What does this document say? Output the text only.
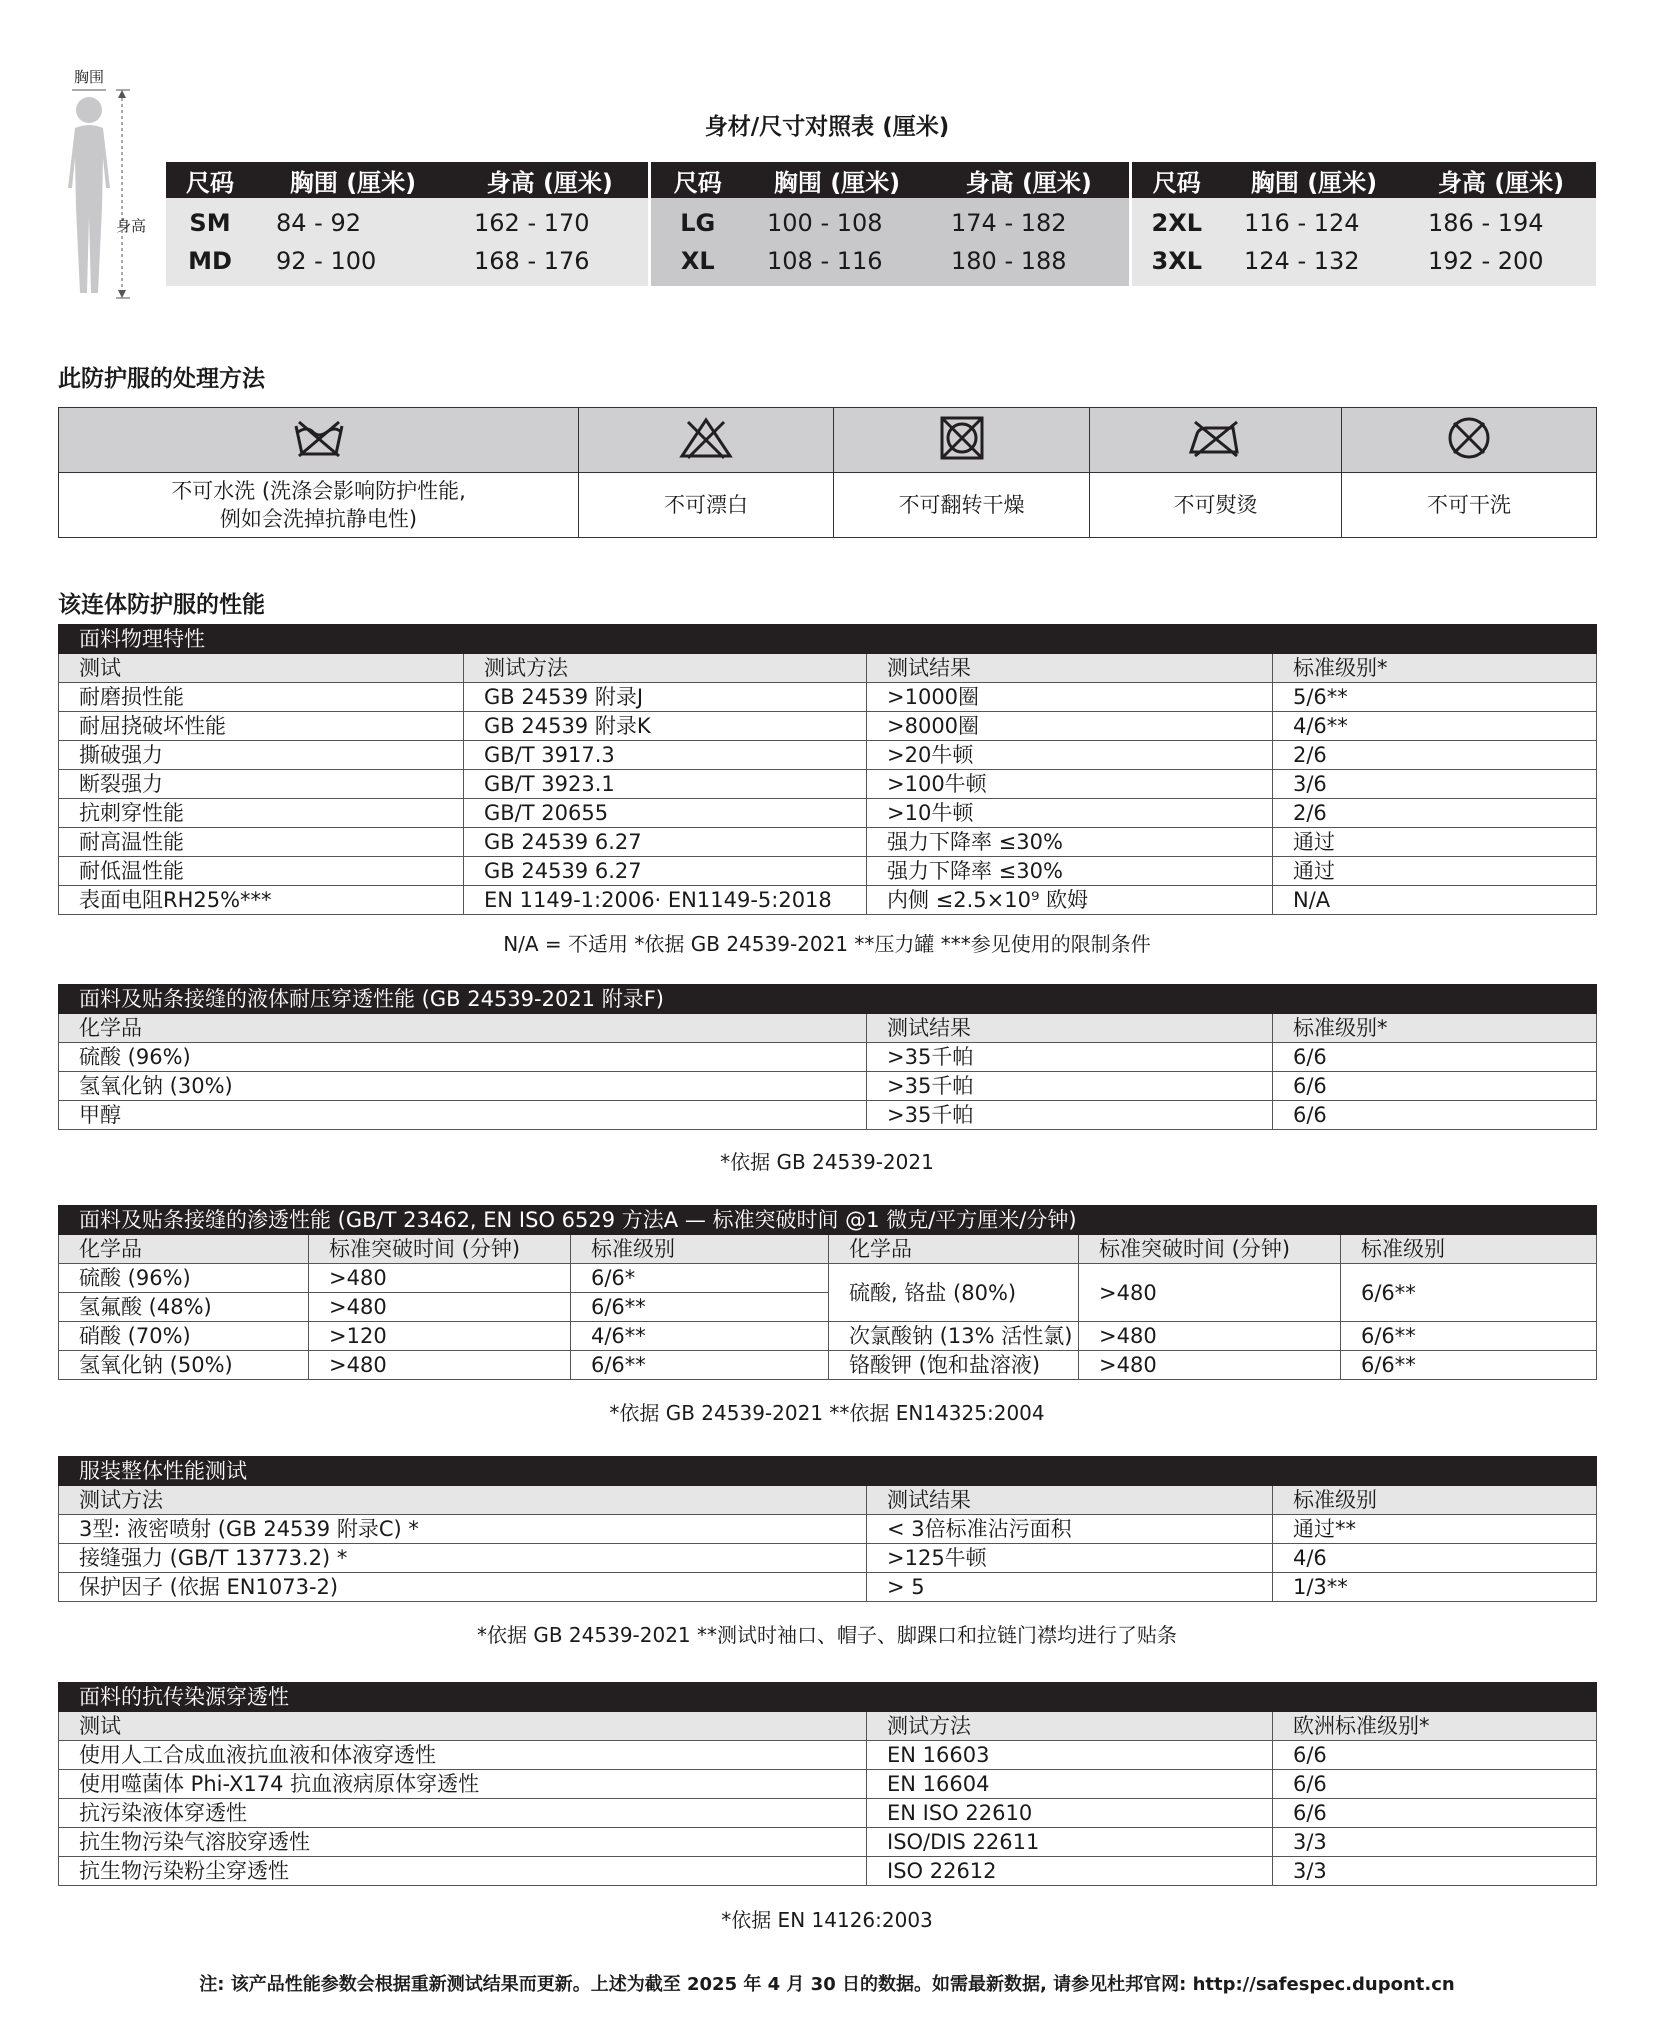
胸围
身高
身材/尺寸对照表 (厘米)
尺码	胸围 (厘米)	身高 (厘米)	尺码	胸围 (厘米)	身高 (厘米)	尺码	胸围 (厘米)	身高 (厘米)
SM	84 - 92	162 - 170	LG	100 - 108	174 - 182	2XL	116 - 124	186 - 194
MD	92 - 100	168 - 176	XL	108 - 116	180 - 188	3XL	124 - 132	192 - 200
此防护服的处理方法

不可水洗 (洗涤会影响防护性能,
例如会洗掉抗静电性)	不可漂白	不可翻转干燥	不可熨烫	不可干洗
该连体防护服的性能
面料物理特性			
测试	测试方法	测试结果	标准级别*
耐磨损性能	GB 24539 附录J	>1000圈	5/6**
耐屈挠破坏性能	GB 24539 附录K	>8000圈	4/6**
撕破强力	GB/T 3917.3	>20牛顿	2/6
断裂强力	GB/T 3923.1	>100牛顿	3/6
抗刺穿性能	GB/T 20655	>10牛顿	2/6
耐高温性能	GB 24539 6.27	强力下降率 ≤30%	通过
耐低温性能	GB 24539 6.27	强力下降率 ≤30%	通过
表面电阻RH25%***	EN 1149-1:2006· EN1149-5:2018	内侧 ≤2.5×10⁹ 欧姆	N/A
N/A = 不适用 *依据 GB 24539-2021 **压力罐 ***参见使用的限制条件
面料及贴条接缝的液体耐压穿透性能 (GB 24539-2021 附录F)		
化学品	测试结果	标准级别*
硫酸 (96%)	>35千帕	6/6
氢氧化钠 (30%)	>35千帕	6/6
甲醇	>35千帕	6/6
*依据 GB 24539-2021
面料及贴条接缝的渗透性能 (GB/T 23462, EN ISO 6529 方法A — 标准突破时间 @1 微克/平方厘米/分钟)					
化学品	标准突破时间 (分钟)	标准级别	化学品	标准突破时间 (分钟)	标准级别
硫酸 (96%)	>480	6/6*	硫酸, 铬盐 (80%)	>480	6/6**
氢氟酸 (48%)	>480	6/6**			
硝酸 (70%)	>120	4/6**	次氯酸钠 (13% 活性氯)	>480	6/6**
氢氧化钠 (50%)	>480	6/6**	铬酸钾 (饱和盐溶液)	>480	6/6**
*依据 GB 24539-2021 **依据 EN14325:2004
服装整体性能测试		
测试方法	测试结果	标准级别
3型: 液密喷射 (GB 24539 附录C) *	< 3倍标准沾污面积	通过**
接缝强力 (GB/T 13773.2) *	>125牛顿	4/6
保护因子 (依据 EN1073-2)	> 5	1/3**
*依据 GB 24539-2021 **测试时袖口、帽子、脚踝口和拉链门襟均进行了贴条
面料的抗传染源穿透性		
测试	测试方法	欧洲标准级别*
使用人工合成血液抗血液和体液穿透性	EN 16603	6/6
使用噬菌体 Phi-X174 抗血液病原体穿透性	EN 16604	6/6
抗污染液体穿透性	EN ISO 22610	6/6
抗生物污染气溶胶穿透性	ISO/DIS 22611	3/3
抗生物污染粉尘穿透性	ISO 22612	3/3
*依据 EN 14126:2003
注: 该产品性能参数会根据重新测试结果而更新。上述为截至 2025 年 4 月 30 日的数据。如需最新数据, 请参见杜邦官网: http://safespec.dupont.cn
